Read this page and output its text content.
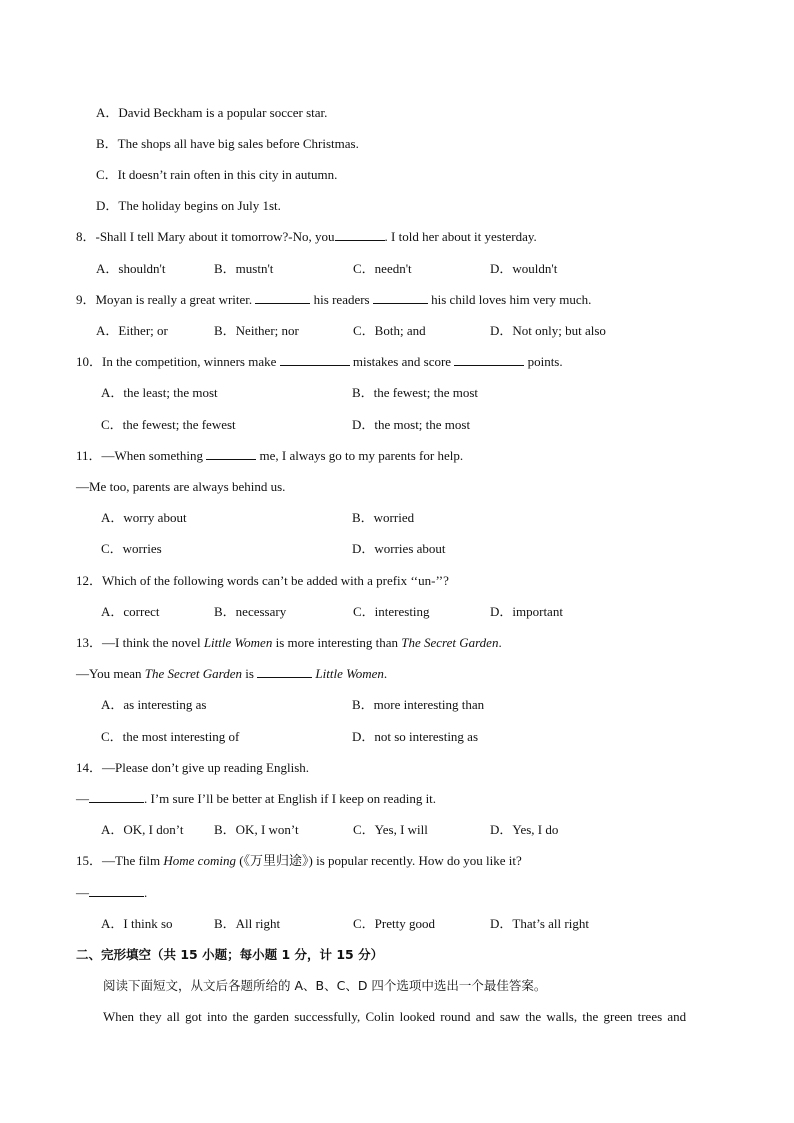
A．David Beckham is a popular soccer star.
B．The shops all have big sales before Christmas.
C．It doesn’t rain often in this city in autumn.
D．The holiday begins on July 1st.
8．-Shall I tell Mary about it tomorrow?-No, you	. I told her about it yesterday.
A．shouldn't	B．mustn't	C．needn't	D．wouldn't
9．Moyan is really a great writer.	his readers	his child loves him very much.
A．Either; or	B．Neither; nor	C．Both; and	D．Not only; but also
10．In the competition, winners make	mistakes and score	points.
A．the least; the most	B．the fewest; the most
C．the fewest; the fewest	D．the most; the most
11．—When something	me, I always go to my parents for help.
—Me too, parents are always behind us.
A．worry about	B．worried
C．worries	D．worries about
12．Which of the following words can’t be added with a prefix ‘‘un-’’?
A．correct	B．necessary	C．interesting	D．important
13．—I think the novel Little Women is more interesting than The Secret Garden.
—You mean The Secret Garden is	Little Women.
A．as interesting as	B．more interesting than
C．the most interesting of	D．not so interesting as
14．—Please don’t give up reading English.
—	. I’m sure I’ll be better at English if I keep on reading it.
A．OK, I don’t B．OK, I won’t	C．Yes, I will	D．Yes, I do
15．—The film Home coming (《万里归途》) is popular recently. How do you like it?
—	.
A．I think so	B．All right	C．Pretty good	D．That’s all right
二、完形填空（共 15 小题；每小题 1 分，计 15 分）
阅读下面短文，从文后各题所给的 A、B、C、D 四个选项中选出一个最佳答案。
When they all got into the garden successfully, Colin looked round and saw the walls, the green trees and
